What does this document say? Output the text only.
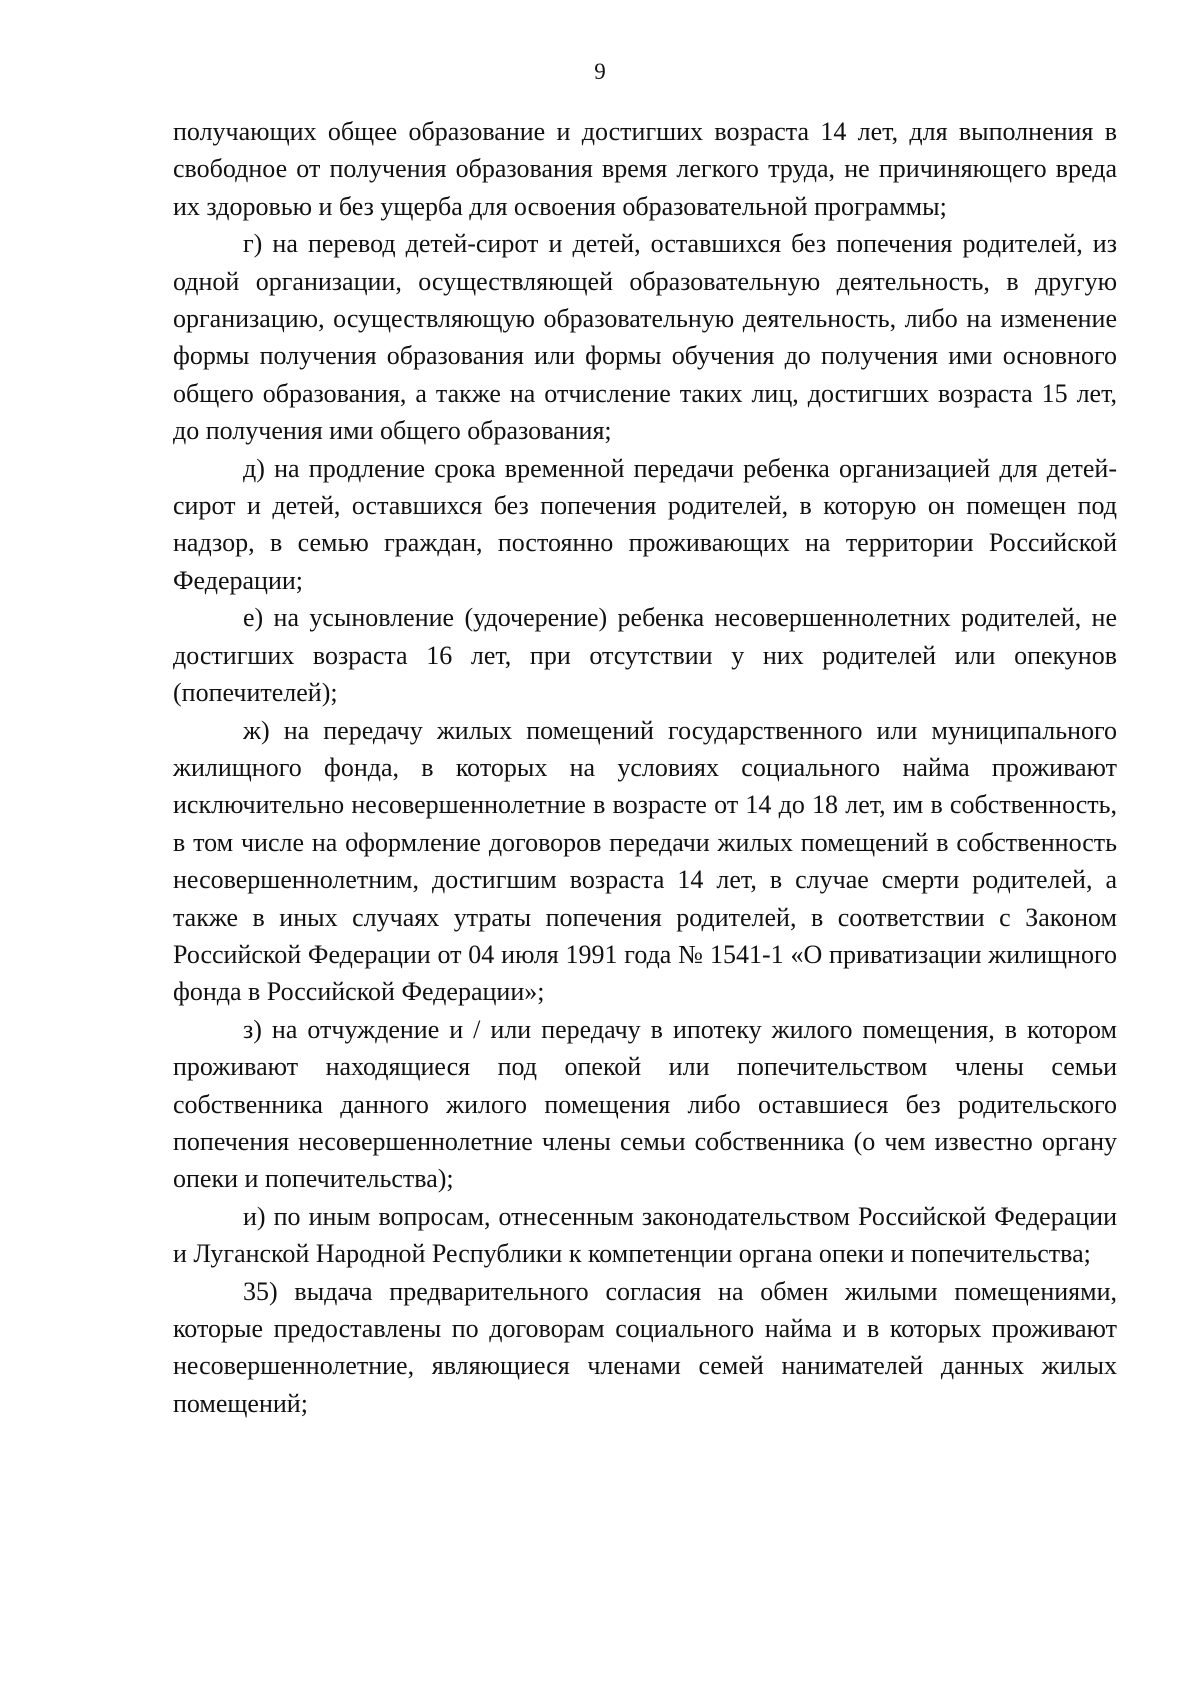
9

получающих общее образование и достигших возраста 14 лет, для выполнения в свободное от получения образования время легкого труда, не причиняющего вреда их здоровью и без ущерба для освоения образовательной программы;

г) на перевод детей-сирот и детей, оставшихся без попечения родителей, из одной организации, осуществляющей образовательную деятельность, в другую организацию, осуществляющую образовательную деятельность, либо на изменение формы получения образования или формы обучения до получения ими основного общего образования, а также на отчисление таких лиц, достигших возраста 15 лет, до получения ими общего образования;

д) на продление срока временной передачи ребенка организацией для детей-сирот и детей, оставшихся без попечения родителей, в которую он помещен под надзор, в семью граждан, постоянно проживающих на территории Российской Федерации;

е) на усыновление (удочерение) ребенка несовершеннолетних родителей, не достигших возраста 16 лет, при отсутствии у них родителей или опекунов (попечителей);

ж) на передачу жилых помещений государственного или муниципального жилищного фонда, в которых на условиях социального найма проживают исключительно несовершеннолетние в возрасте от 14 до 18 лет, им в собственность, в том числе на оформление договоров передачи жилых помещений в собственность несовершеннолетним, достигшим возраста 14 лет, в случае смерти родителей, а также в иных случаях утраты попечения родителей, в соответствии с Законом Российской Федерации от 04 июля 1991 года № 1541-1 «О приватизации жилищного фонда в Российской Федерации»;

з) на отчуждение и / или передачу в ипотеку жилого помещения, в котором проживают находящиеся под опекой или попечительством члены семьи собственника данного жилого помещения либо оставшиеся без родительского попечения несовершеннолетние члены семьи собственника (о чем известно органу опеки и попечительства);

и) по иным вопросам, отнесенным законодательством Российской Федерации и Луганской Народной Республики к компетенции органа опеки и попечительства;

35) выдача предварительного согласия на обмен жилыми помещениями, которые предоставлены по договорам социального найма и в которых проживают несовершеннолетние, являющиеся членами семей нанимателей данных жилых помещений;
